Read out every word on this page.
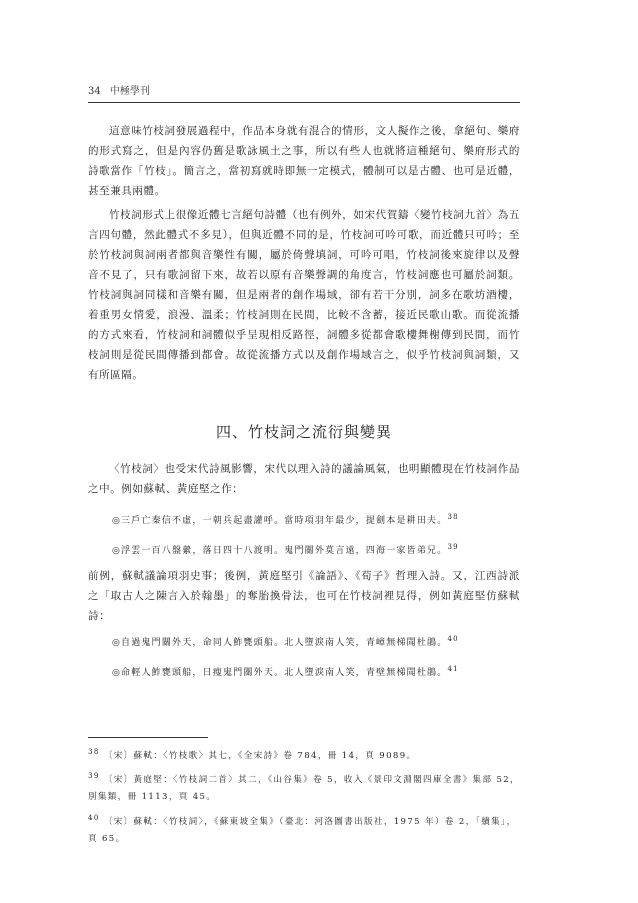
34 中極學刊

這意味竹枝詞發展過程中，作品本身就有混合的情形，文人擬作之後，拿絕句、樂府的形式寫之，但是內容仍舊是歌詠風土之事，所以有些人也就將這種絕句、樂府形式的詩歌當作「竹枝」。簡言之，當初寫就時即無一定模式，體制可以是古體、也可是近體，甚至兼具兩體。

竹枝詞形式上很像近體七言絕句詩體（也有例外，如宋代賀鑄〈變竹枝詞九首〉為五言四句體，然此體式不多見），但與近體不同的是，竹枝詞可吟可歌，而近體只可吟；至於竹枝詞與詞兩者都與音樂性有關，屬於倚聲填詞，可吟可唱，竹枝詞後來旋律以及聲音不見了，只有歌詞留下來，故若以原有音樂聲調的角度言，竹枝詞應也可屬於詞類。竹枝詞與詞同樣和音樂有關，但是兩者的創作場域，卻有若干分別，詞多在歌坊酒樓，着重男女情愛，浪漫、溫柔；竹枝詞則在民間，比較不含蓄，接近民歌山歌。而從流播的方式來看，竹枝詞和詞體似乎呈現相反路徑，詞體多從都會歌樓舞榭傳到民間，而竹枝詞則是從民間傳播到都會。故從流播方式以及創作場域言之，似乎竹枝詞與詞類，又有所區隔。

四、竹枝詞之流衍與變異

〈竹枝詞〉也受宋代詩風影響，宋代以理入詩的議論風氣，也明顯體現在竹枝詞作品之中。例如蘇軾、黃庭堅之作：

◎三戶亡秦信不虛，一朝兵起盡讙呼。當時項羽年最少，提劍本是耕田夫。$^{38}$
◎浮雲一百八盤縈，落日四十八渡明。鬼門關外莫言遠，四海一家皆弟兄。$^{39}$

前例，蘇軾議論項羽史事；後例，黃庭堅引《論語》、《荀子》哲理入詩。又，江西詩派之「取古人之陳言入於翰墨」的奪胎換骨法，也可在竹枝詞裡見得，例如黃庭堅仿蘇軾詩：

◎自過鬼門關外天，命同人鮓甕頭船。北人墮淚南人笑，青嶂無梯聞杜鵑。$^{40}$
◎命輕人鮓甕頭船，日瘦鬼門關外天。北人墮淚南人笑，青壁無梯聞杜鵑。$^{41}$
$^{38}$ 〔宋〕蘇軾：〈竹枝歌〉其七，《全宋詩》卷 784，冊 14，頁 9089。
$^{39}$ 〔宋〕黃庭堅：〈竹枝詞二首〉其二，《山谷集》卷 5，收入《景印文淵閣四庫全書》集部 52，別集類，冊 1113，頁 45。
$^{40}$ 〔宋〕蘇軾：〈竹枝詞〉，《蘇東坡全集》（臺北：河洛圖書出版社，1975 年）卷 2，「續集」，頁 65。
